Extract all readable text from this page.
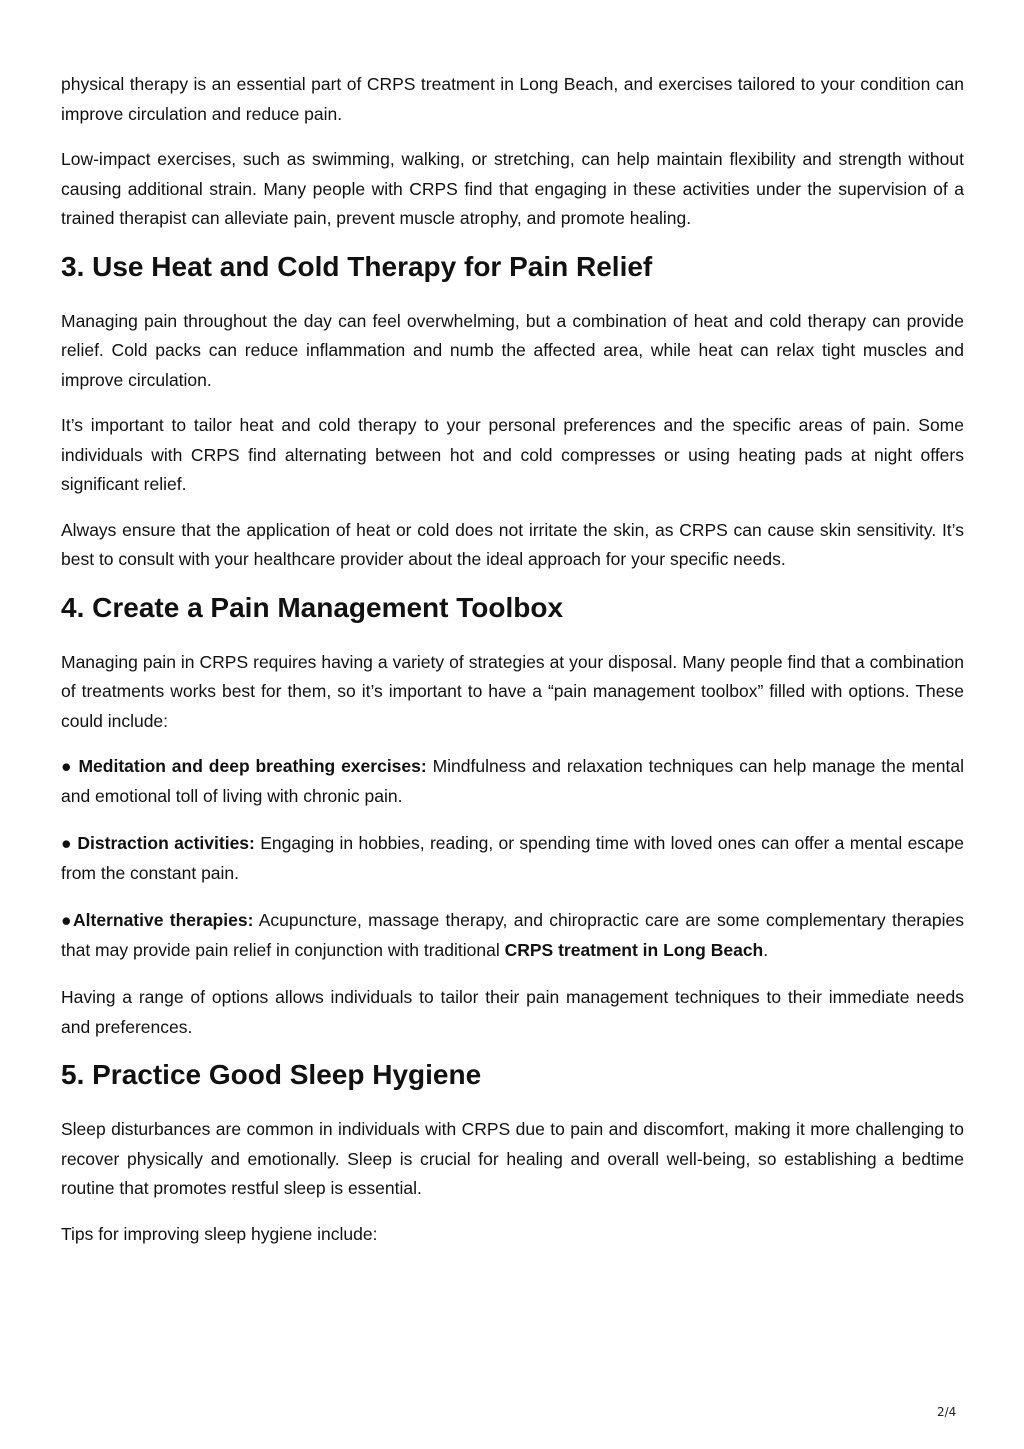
physical therapy is an essential part of CRPS treatment in Long Beach, and exercises tailored to your condition can improve circulation and reduce pain.

Low-impact exercises, such as swimming, walking, or stretching, can help maintain flexibility and strength without causing additional strain. Many people with CRPS find that engaging in these activities under the supervision of a trained therapist can alleviate pain, prevent muscle atrophy, and promote healing.

3. Use Heat and Cold Therapy for Pain Relief

Managing pain throughout the day can feel overwhelming, but a combination of heat and cold therapy can provide relief. Cold packs can reduce inflammation and numb the affected area, while heat can relax tight muscles and improve circulation.

It’s important to tailor heat and cold therapy to your personal preferences and the specific areas of pain. Some individuals with CRPS find alternating between hot and cold compresses or using heating pads at night offers significant relief.

Always ensure that the application of heat or cold does not irritate the skin, as CRPS can cause skin sensitivity. It’s best to consult with your healthcare provider about the ideal approach for your specific needs.

4. Create a Pain Management Toolbox

Managing pain in CRPS requires having a variety of strategies at your disposal. Many people find that a combination of treatments works best for them, so it’s important to have a “pain management toolbox” filled with options. These could include:

● Meditation and deep breathing exercises: Mindfulness and relaxation techniques can help manage the mental and emotional toll of living with chronic pain.

● Distraction activities: Engaging in hobbies, reading, or spending time with loved ones can offer a mental escape from the constant pain.

●Alternative therapies: Acupuncture, massage therapy, and chiropractic care are some complementary therapies that may provide pain relief in conjunction with traditional CRPS treatment in Long Beach.

Having a range of options allows individuals to tailor their pain management techniques to their immediate needs and preferences.

5. Practice Good Sleep Hygiene

Sleep disturbances are common in individuals with CRPS due to pain and discomfort, making it more challenging to recover physically and emotionally. Sleep is crucial for healing and overall well-being, so establishing a bedtime routine that promotes restful sleep is essential.

Tips for improving sleep hygiene include:

2/4
